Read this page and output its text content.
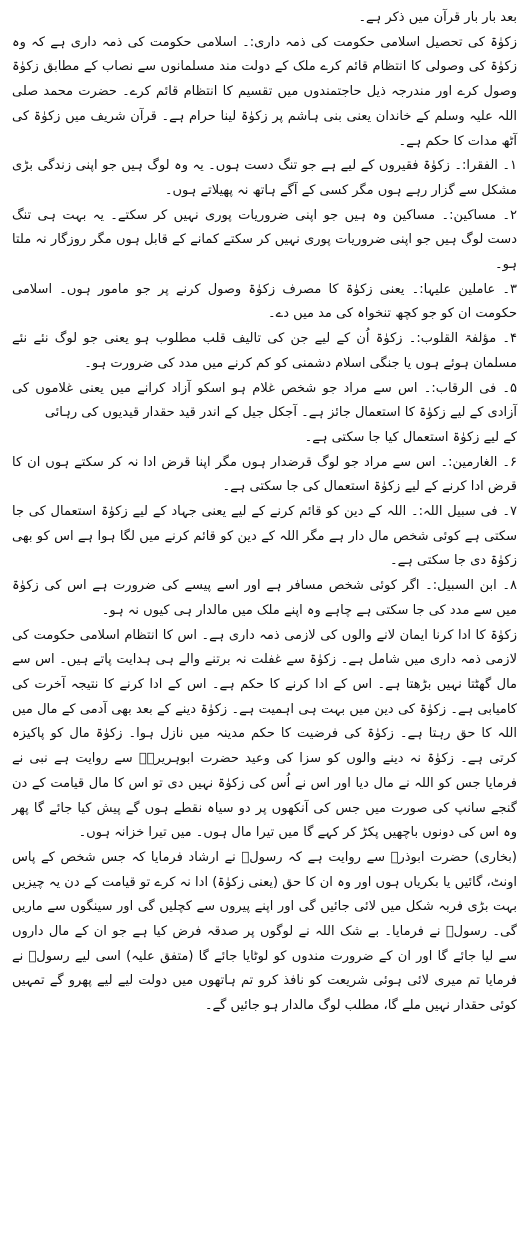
بعد بار بار قرآن میں ذکر ہے۔

زکوٰۃ کی تحصیل اسلامی حکومت کی ذمہ داری:۔ اسلامی حکومت کی ذمہ داری ہے کہ وہ زکوٰۃ کی وصولی کا انتظام قائم کرے ملک کے دولت مند مسلمانوں سے نصاب کے مطابق زکوٰۃ وصول کرے اور مندرجہ ذیل حاجتمندوں میں تقسیم کا انتظام قائم کرے۔ حضرت محمد صلی اللہ علیہ وسلم کے خاندان یعنی بنی ہاشم پر زکوٰۃ لینا حرام ہے۔ قرآن شریف میں زکوٰۃ کی آٹھ مدات کا حکم ہے۔

۱۔ الفقرا:۔ زکوٰۃ فقیروں کے لیے ہے جو تنگ دست ہوں۔ یہ وہ لوگ ہیں جو اپنی زندگی بڑی مشکل سے گزار رہے ہوں مگر کسی کے آگے ہاتھ نہ پھیلاتے ہوں۔

۲۔ مساکین:۔ مساکین وہ ہیں جو اپنی ضروریات پوری نہیں کر سکتے۔ یہ بہت ہی تنگ دست لوگ ہیں جو اپنی ضروریات پوری نہیں کر سکتے کمانے کے قابل ہوں مگر روزگار نہ ملتا ہو۔

۳۔ عاملین علیہا:۔ یعنی زکوٰۃ کا مصرف زکوٰۃ وصول کرنے پر جو مامور ہوں۔ اسلامی حکومت ان کو جو کچھ تنخواہ کی مد میں دے۔

۴۔ مؤلفۃ القلوب:۔ زکوٰۃ اُن کے لیے جن کی تالیف قلب مطلوب ہو یعنی جو لوگ نئے نئے مسلمان ہوئے ہوں یا جنگی اسلام دشمنی کو کم کرنے میں مدد کی ضرورت ہو۔

۵۔ فی الرقاب:۔ اس سے مراد جو شخص غلام ہو اسکو آزاد کرانے میں یعنی غلاموں کی آزادی کے لیے زکوٰۃ کا استعمال جائز ہے۔ آجکل جیل کے اندر قید حقدار قیدیوں کی رہائی

کے لیے زکوٰۃ استعمال کیا جا سکتی ہے۔

۶۔ الغارمین:۔ اس سے مراد جو لوگ قرضدار ہوں مگر اپنا قرض ادا نہ کر سکتے ہوں ان کا قرض ادا کرنے کے لیے زکوٰۃ استعمال کی جا سکتی ہے۔

۷۔ فی سبیل اللہ:۔ اللہ کے دین کو قائم کرنے کے لیے یعنی جہاد کے لیے زکوٰۃ استعمال کی جا سکتی ہے کوئی شخص مال دار ہے مگر اللہ کے دین کو قائم کرنے میں لگا ہوا ہے اس کو بھی زکوٰۃ دی جا سکتی ہے۔

۸۔ ابن السبیل:۔ اگر کوئی شخص مسافر ہے اور اسے پیسے کی ضرورت ہے اس کی زکوٰۃ میں سے مدد کی جا سکتی ہے چاہے وہ اپنے ملک میں مالدار ہی کیوں نہ ہو۔

زکوٰۃ کا ادا کرنا ایمان لانے والوں کی لازمی ذمہ داری ہے۔ اس کا انتظام اسلامی حکومت کی لازمی ذمہ داری میں شامل ہے۔ زکوٰۃ سے غفلت نہ برتنے والے ہی ہدایت پاتے ہیں۔ اس سے مال گھٹتا نہیں بڑھتا ہے۔ اس کے ادا کرنے کا حکم ہے۔ اس کے ادا کرنے کا نتیجہ آخرت کی کامیابی ہے۔ زکوٰۃ کی دین میں بہت ہی اہمیت ہے۔ زکوٰۃ دینے کے بعد بھی آدمی کے مال میں اللہ کا حق رہتا ہے۔ زکوٰۃ کی فرضیت کا حکم مدینہ میں نازل ہوا۔ زکوٰۃ مال کو پاکیزہ کرتی ہے۔ زکوٰۃ نہ دینے والوں کو سزا کی وعید حضرت ابوہریرہؓ سے روایت ہے نبی نے فرمایا جس کو اللہ نے مال دیا اور اس نے اُس کی زکوٰۃ نہیں دی تو اس کا مال قیامت کے دن گنجے سانپ کی صورت میں جس کی آنکھوں پر دو سیاہ نقطے ہوں گے پیش کیا جائے گا پھر وہ اس کی دونوں باچھیں پکڑ کر کہے گا میں تیرا مال ہوں۔ میں تیرا خزانہ ہوں۔

(بخاری) حضرت ابوذرؓ سے روایت ہے کہ رسولؐ نے ارشاد فرمایا کہ جس شخص کے پاس اونٹ، گائیں یا بکریاں ہوں اور وہ ان کا حق (یعنی زکوٰۃ) ادا نہ کرے تو قیامت کے دن یہ چیزیں بہت بڑی فربہ شکل میں لائی جائیں گی اور اپنے پیروں سے کچلیں گی اور سینگوں سے ماریں گی۔ رسولؐ نے فرمایا۔ بے شک اللہ نے لوگوں پر صدقہ فرض کیا ہے جو ان کے مال داروں سے لیا جائے گا اور ان کے ضرورت مندوں کو لوٹایا جائے گا (متفق علیہ) اسی لیے رسولؐ نے فرمایا تم میری لائی ہوئی شریعت کو نافذ کرو تم ہاتھوں میں دولت لیے لیے پھرو گے تمہیں کوئی حقدار نہیں ملے گا، مطلب لوگ مالدار ہو جائیں گے۔
